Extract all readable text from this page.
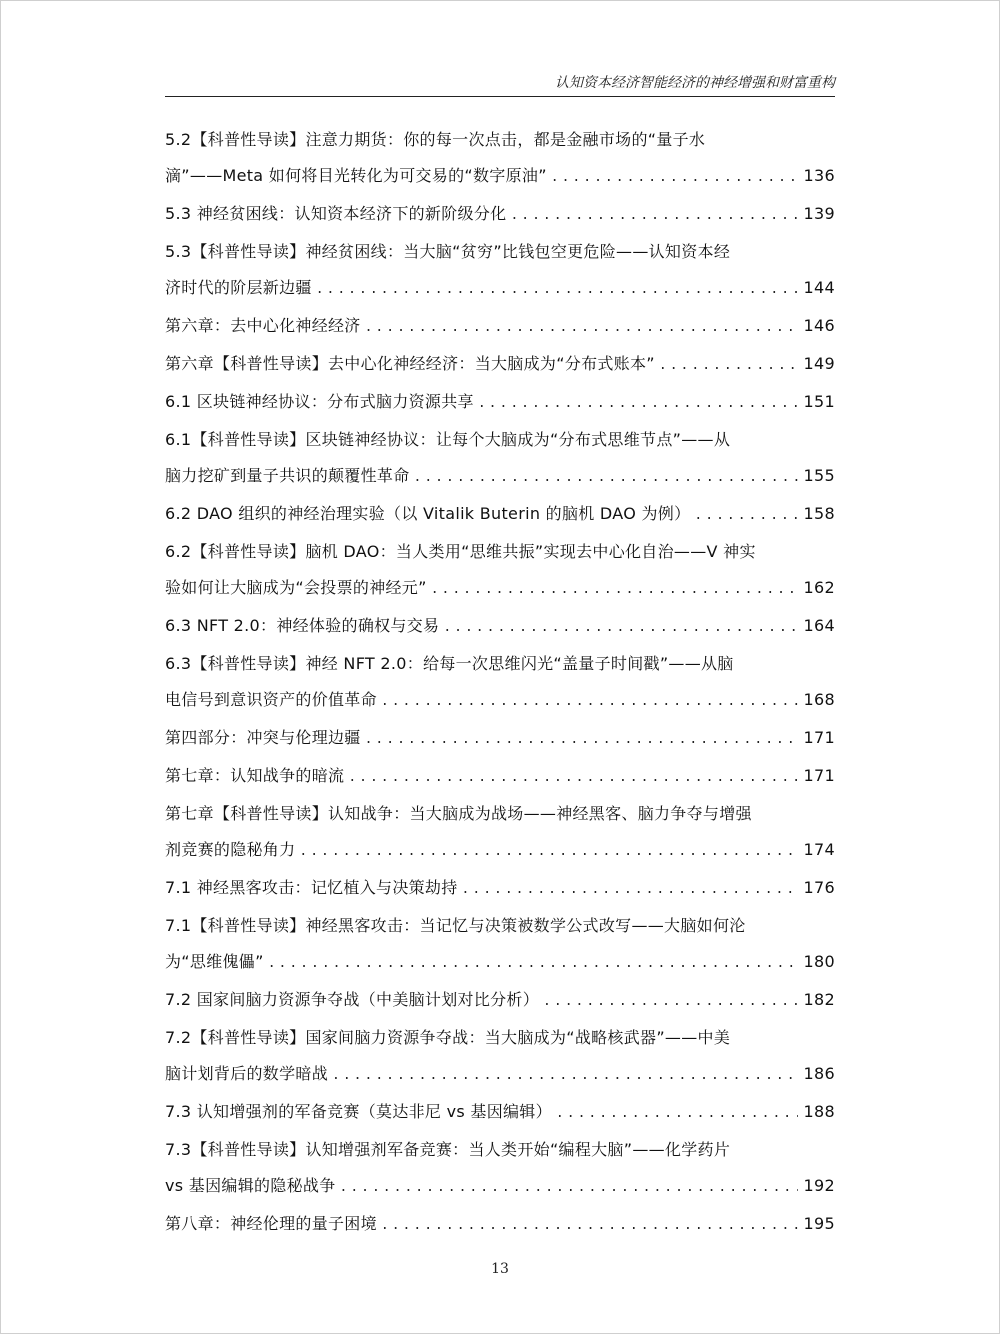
认知资本经济智能经济的神经增强和财富重构
5.2【科普性导读】注意力期货：你的每一次点击，都是金融市场的“量子水
滴”——Meta 如何将目光转化为可交易的“数字原油” .....	136
5.3 神经贫困线：认知资本经济下的新阶级分化 .....	139
5.3【科普性导读】神经贫困线：当大脑“贫穷”比钱包空更危险——认知资本经
济时代的阶层新边疆 .....	144
第六章：去中心化神经经济 .....	146
第六章【科普性导读】去中心化神经经济：当大脑成为“分布式账本” .....	149
6.1 区块链神经协议：分布式脑力资源共享 .....	151
6.1【科普性导读】区块链神经协议：让每个大脑成为“分布式思维节点”——从
脑力挖矿到量子共识的颠覆性革命 .....	155
6.2 DAO 组织的神经治理实验（以 Vitalik Buterin 的脑机 DAO 为例） .....	158
6.2【科普性导读】脑机 DAO：当人类用“思维共振”实现去中心化自治——V 神实
验如何让大脑成为“会投票的神经元” .....	162
6.3 NFT 2.0：神经体验的确权与交易 .....	164
6.3【科普性导读】神经 NFT 2.0：给每一次思维闪光“盖量子时间戳”——从脑
电信号到意识资产的价值革命 .....	168
第四部分：冲突与伦理边疆 .....	171
第七章：认知战争的暗流 .....	171
第七章【科普性导读】认知战争：当大脑成为战场——神经黑客、脑力争夺与增强
剂竞赛的隐秘角力 .....	174
7.1 神经黑客攻击：记忆植入与决策劫持 .....	176
7.1【科普性导读】神经黑客攻击：当记忆与决策被数学公式改写——大脑如何沦
为“思维傀儡” .....	180
7.2 国家间脑力资源争夺战（中美脑计划对比分析） .....	182
7.2【科普性导读】国家间脑力资源争夺战：当大脑成为“战略核武器”——中美
脑计划背后的数学暗战 .....	186
7.3 认知增强剂的军备竞赛（莫达非尼 vs 基因编辑） .....	188
7.3【科普性导读】认知增强剂军备竞赛：当人类开始“编程大脑”——化学药片
vs 基因编辑的隐秘战争 .....	192
第八章：神经伦理的量子困境 .....	195
13
